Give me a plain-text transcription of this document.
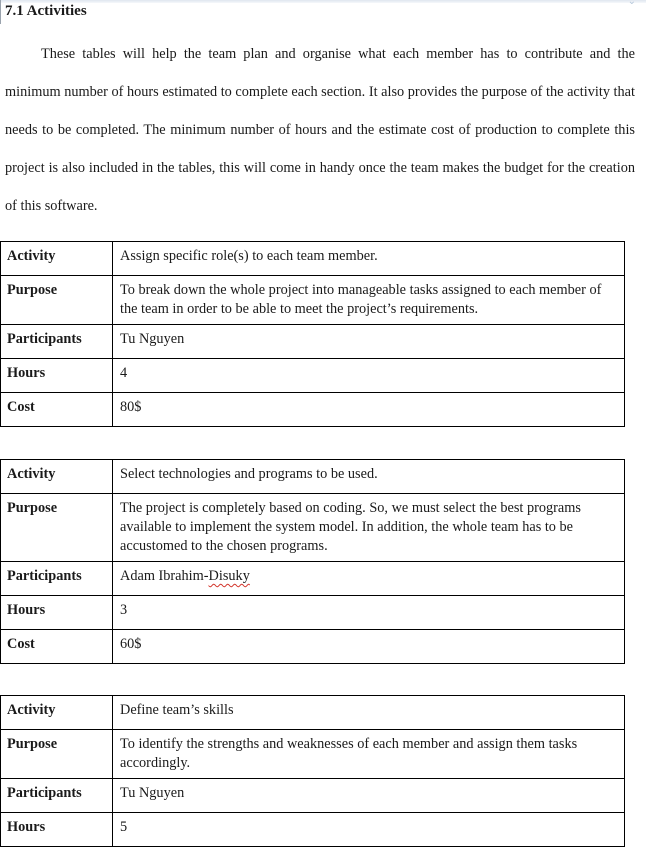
⌄
7.1 Activities

These tables will help the team plan and organise what each member has to contribute and the minimum number of hours estimated to complete each section. It also provides the purpose of the activity that needs to be completed. The minimum number of hours and the estimate cost of production to complete this project is also included in the tables, this will come in handy once the team makes the budget for the creation of this software.

Activity	Assign specific role(s) to each team member.
Purpose	To break down the whole project into manageable tasks assigned to each member of the team in order to be able to meet the project’s requirements.
Participants	Tu Nguyen
Hours	4
Cost	80$
Activity	Select technologies and programs to be used.
Purpose	The project is completely based on coding. So, we must select the best programs available to implement the system model. In addition, the whole team has to be accustomed to the chosen programs.
Participants	Adam Ibrahim-Disuky
Hours	3
Cost	60$
Activity	Define team’s skills
Purpose	To identify the strengths and weaknesses of each member and assign them tasks accordingly.
Participants	Tu Nguyen
Hours	5
